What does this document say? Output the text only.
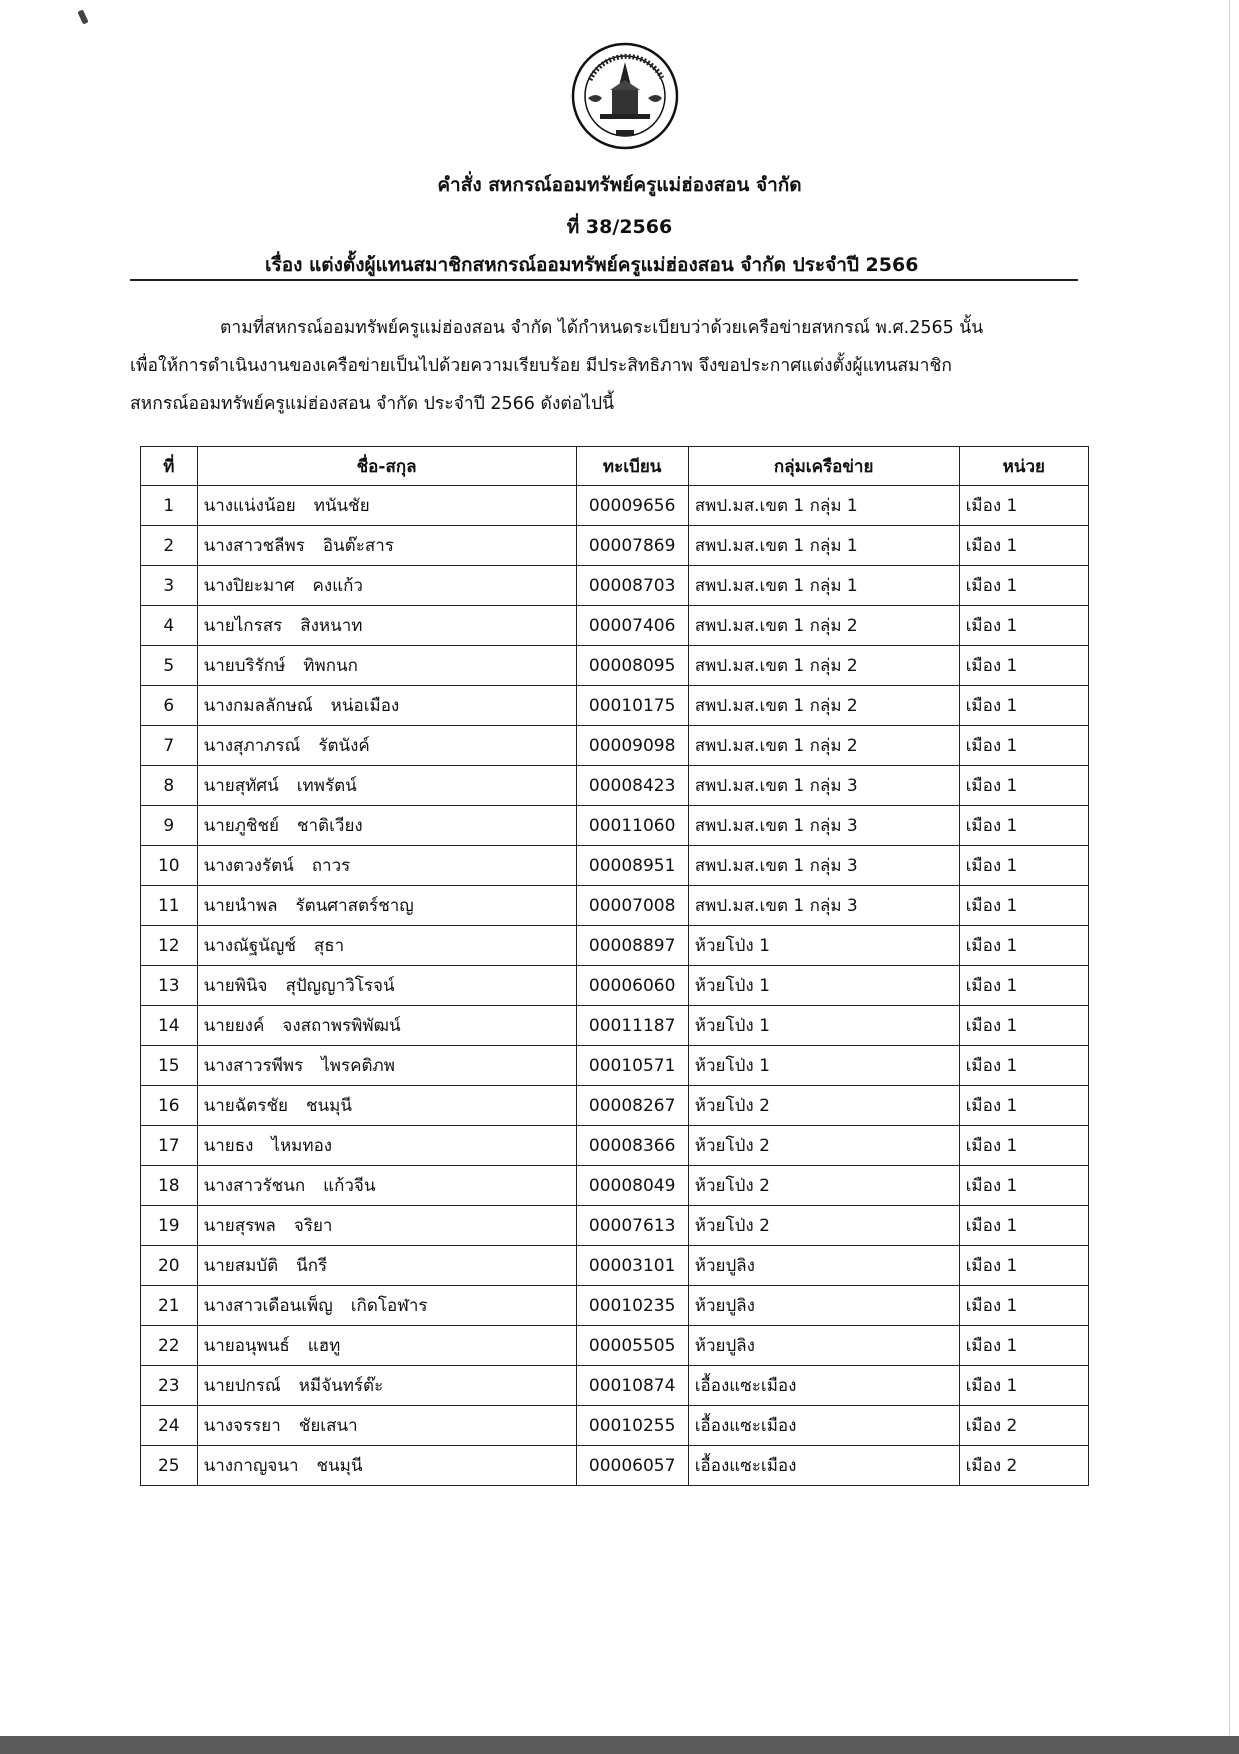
คำสั่ง สหกรณ์ออมทรัพย์ครูแม่ฮ่องสอน จำกัด
ที่ 38/2566
เรื่อง แต่งตั้งผู้แทนสมาชิกสหกรณ์ออมทรัพย์ครูแม่ฮ่องสอน จำกัด ประจำปี 2566
ตามที่สหกรณ์ออมทรัพย์ครูแม่ฮ่องสอน จำกัด ได้กำหนดระเบียบว่าด้วยเครือข่ายสหกรณ์ พ.ศ.2565 นั้น
เพื่อให้การดำเนินงานของเครือข่ายเป็นไปด้วยความเรียบร้อย มีประสิทธิภาพ จึงขอประกาศแต่งตั้งผู้แทนสมาชิก
สหกรณ์ออมทรัพย์ครูแม่ฮ่องสอน จำกัด ประจำปี 2566 ดังต่อไปนี้
ที่	ชื่อ-สกุล	ทะเบียน	กลุ่มเครือข่าย	หน่วย
1	นางแน่งน้อย ทนันชัย	00009656	สพป.มส.เขต 1 กลุ่ม 1	เมือง 1
2	นางสาวชลีพร อินต๊ะสาร	00007869	สพป.มส.เขต 1 กลุ่ม 1	เมือง 1
3	นางปิยะมาศ คงแก้ว	00008703	สพป.มส.เขต 1 กลุ่ม 1	เมือง 1
4	นายไกรสร สิงหนาท	00007406	สพป.มส.เขต 1 กลุ่ม 2	เมือง 1
5	นายบริรักษ์ ทิพกนก	00008095	สพป.มส.เขต 1 กลุ่ม 2	เมือง 1
6	นางกมลลักษณ์ หน่อเมือง	00010175	สพป.มส.เขต 1 กลุ่ม 2	เมือง 1
7	นางสุภาภรณ์ รัตนังค์	00009098	สพป.มส.เขต 1 กลุ่ม 2	เมือง 1
8	นายสุทัศน์ เทพรัตน์	00008423	สพป.มส.เขต 1 กลุ่ม 3	เมือง 1
9	นายภูชิชย์ ชาติเวียง	00011060	สพป.มส.เขต 1 กลุ่ม 3	เมือง 1
10	นางตวงรัตน์ ถาวร	00008951	สพป.มส.เขต 1 กลุ่ม 3	เมือง 1
11	นายนำพล รัตนศาสตร์ชาญ	00007008	สพป.มส.เขต 1 กลุ่ม 3	เมือง 1
12	นางณัฐนัญช์ สุธา	00008897	ห้วยโป่ง 1	เมือง 1
13	นายพินิจ สุปัญญาวิโรจน์	00006060	ห้วยโป่ง 1	เมือง 1
14	นายยงค์ จงสถาพรพิพัฒน์	00011187	ห้วยโป่ง 1	เมือง 1
15	นางสาวรพีพร ไพรคติภพ	00010571	ห้วยโป่ง 1	เมือง 1
16	นายฉัตรชัย ชนมุนี	00008267	ห้วยโป่ง 2	เมือง 1
17	นายธง ไหมทอง	00008366	ห้วยโป่ง 2	เมือง 1
18	นางสาวรัชนก แก้วจีน	00008049	ห้วยโป่ง 2	เมือง 1
19	นายสุรพล จริยา	00007613	ห้วยโป่ง 2	เมือง 1
20	นายสมบัติ นีกรี	00003101	ห้วยปูลิง	เมือง 1
21	นางสาวเดือนเพ็ญ เกิดโอฬาร	00010235	ห้วยปูลิง	เมือง 1
22	นายอนุพนธ์ แฮทู	00005505	ห้วยปูลิง	เมือง 1
23	นายปกรณ์ หมีจันทร์ต๊ะ	00010874	เอื้องแซะเมือง	เมือง 1
24	นางจรรยา ชัยเสนา	00010255	เอื้องแซะเมือง	เมือง 2
25	นางกาญจนา ชนมุนี	00006057	เอื้องแซะเมือง	เมือง 2
